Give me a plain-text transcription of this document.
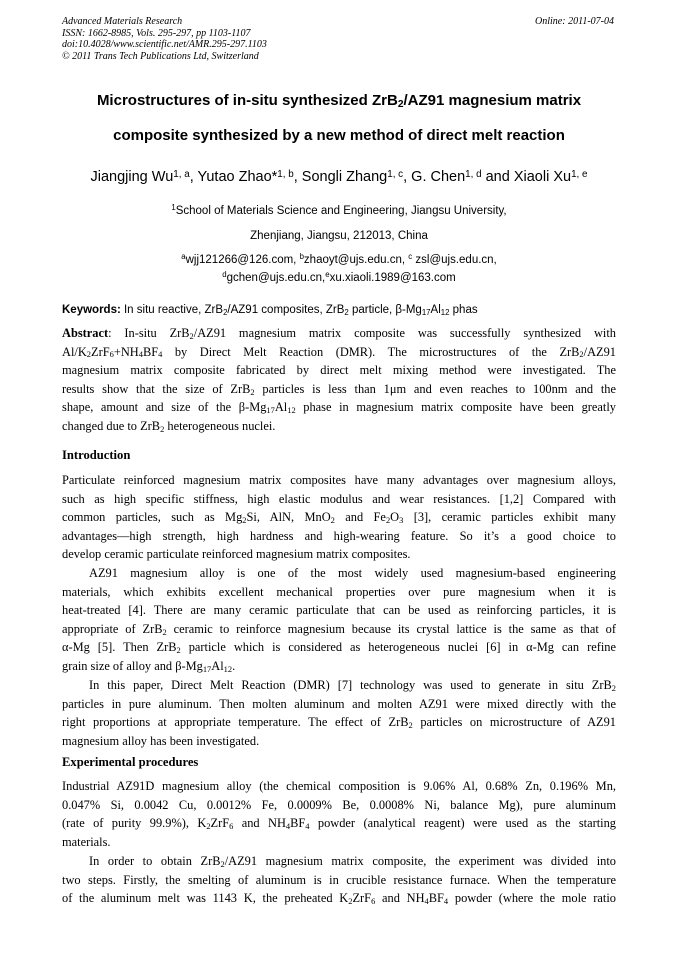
Advanced Materials Research
ISSN: 1662-8985, Vols. 295-297, pp 1103-1107
doi:10.4028/www.scientific.net/AMR.295-297.1103
© 2011 Trans Tech Publications Ltd, Switzerland
Online: 2011-07-04
Microstructures of in-situ synthesized ZrB$_2$/AZ91 magnesium matrix
composite synthesized by a new method of direct melt reaction
Jiangjing Wu$^{1, a}$, Yutao Zhao*$^{1, b}$, Songli Zhang$^{1, c}$, G. Chen$^{1, d}$ and Xiaoli Xu$^{1, e}$
$^1$School of Materials Science and Engineering, Jiangsu University,
Zhenjiang, Jiangsu, 212013, China
$^a$wjj121266@126.com, $^b$zhaoyt@ujs.edu.cn, $^c$ zsl@ujs.edu.cn,
$^d$gchen@ujs.edu.cn,$^e$xu.xiaoli.1989@163.com
Keywords: In situ reactive, ZrB$_2$/AZ91 composites, ZrB$_2$ particle, $\beta-Mg_{17}Al_{12}$ phas
Abstract: In-situ ZrB$_2$/AZ91 magnesium matrix composite was successfully synthesized with
$Al/K_2ZrF_6+NH_4BF_4$ by Direct Melt Reaction (DMR). The microstructures of the ZrB$_2$/AZ91
magnesium matrix composite fabricated by direct melt mixing method were investigated. The
results show that the size of ZrB$_2$ particles is less than 1μm and even reaches to 100nm and the
shape, amount and size of the $\beta-Mg_{17}Al_{12}$ phase in magnesium matrix composite have been greatly
changed due to ZrB$_2$ heterogeneous nuclei.
Introduction
Particulate reinforced magnesium matrix composites have many advantages over magnesium alloys,
such as high specific stiffness, high elastic modulus and wear resistances. [1,2] Compared with
common particles, such as $Mg_2Si$, AlN, MnO$_2$ and $Fe_2O_3$ [3], ceramic particles exhibit many
advantages—high strength, high hardness and high-wearing feature. So it’s a good choice to
develop ceramic particulate reinforced magnesium matrix composites.
AZ91 magnesium alloy is one of the most widely used magnesium-based engineering
materials, which exhibits excellent mechanical properties over pure magnesium when it is
heat-treated [4]. There are many ceramic particulate that can be used as reinforcing particles, it is
appropriate of ZrB$_2$ ceramic to reinforce magnesium because its crystal lattice is the same as that of
α-Mg [5]. Then ZrB$_2$ particle which is considered as heterogeneous nuclei [6] in α-Mg can refine
grain size of alloy and $\beta-Mg_{17}Al_{12}$.
In this paper, Direct Melt Reaction (DMR) [7] technology was used to generate in situ ZrB$_2$
particles in pure aluminum. Then molten aluminum and molten AZ91 were mixed directly with the
right proportions at appropriate temperature. The effect of ZrB$_2$ particles on microstructure of AZ91
magnesium alloy has been investigated.
Experimental procedures
Industrial AZ91D magnesium alloy (the chemical composition is 9.06% Al, 0.68% Zn, 0.196% Mn,
0.047% Si, 0.0042 Cu, 0.0012% Fe, 0.0009% Be, 0.0008% Ni, balance Mg), pure aluminum
(rate of purity 99.9%), $K_2ZrF_6$ and $NH_4BF_4$ powder (analytical reagent) were used as the starting
materials.
In order to obtain ZrB$_2$/AZ91 magnesium matrix composite, the experiment was divided into
two steps. Firstly, the smelting of aluminum is in crucible resistance furnace. When the temperature
of the aluminum melt was 1143 K, the preheated $K_2ZrF_6$ and $NH_4BF_4$ powder (where the mole ratio
